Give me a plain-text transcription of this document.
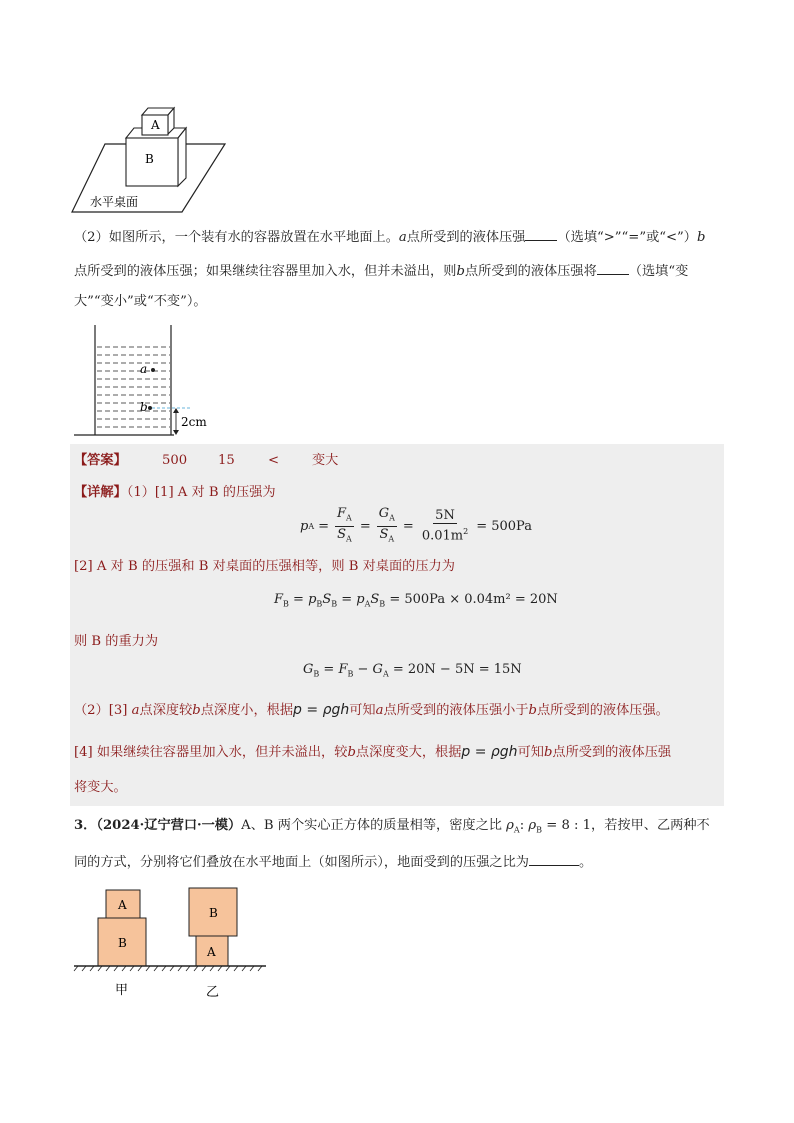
A
B
水平桌面
（2）如图所示，一个装有水的容器放置在水平地面上。a点所受到的液体压强 （选填“>”“=”或“<”）b
点所受到的液体压强；如果继续往容器里加入水，但并未溢出，则b点所受到的液体压强将 （选填“变
大”“变小”或“不变”）。
a
b
2cm
【答案】	500 15	< 变大
【详解】（1）[1] A 对 B 的压强为
p $A = \frac{F_A}{S_A} = \frac{G_A}{S_A} = \frac{5N}{0.01m^2} = 500Pa$
[2] A 对 B 的压强和 B 对桌面的压强相等，则 B 对桌面的压力为
$F_B = p_BS_B = p_AS_B = 500Pa \times 0.04m^2 = 20N$
则 B 的重力为
$G_B = F_B - G_A = 20N - 5N = 15N$
（2）[3] a点深度较b点深度小，根据p = ρgh可知a点所受到的液体压强小于b点所受到的液体压强。
[4] 如果继续往容器里加入水，但并未溢出，较b点深度变大，根据p = ρgh可知b点所受到的液体压强
将变大。
3．（2024·辽宁营口·一模）A、B 两个实心正方体的质量相等，密度之比 $\rho_A$: $\rho_B = 8$ : 1，若按甲、乙两种不
同的方式，分别将它们叠放在水平地面上（如图所示），地面受到的压强之比为	。
A
B
B
A
甲	乙
